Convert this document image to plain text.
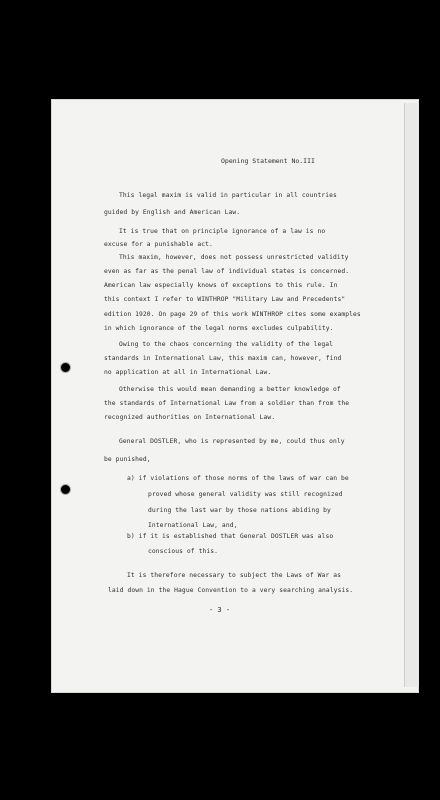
Opening Statement No.III
This legal maxim is valid in particular in all countries
guided by English and American Law.
It is true that on principle ignorance of a law is no
excuse for a punishable act.
This maxim, however, does not possess unrestricted validity
even as far as the penal law of individual states is concerned.
American law especially knows of exceptions to this rule. In
this context I refer to WINTHROP "Military Law and Precedents"
edition 1920. On page 29 of this work WINTHROP cites some examples
in which ignorance of the legal norms excludes culpability.
Owing to the chaos concerning the validity of the legal
standards in International Law, this maxim can, however, find
no application at all in International Law.
Otherwise this would mean demanding a better knowledge of
the standards of International Law from a soldier than from the
recognized authorities on International Law.
General DOSTLER, who is represented by me, could thus only
be punished,
a) if violations of those norms of the laws of war can be
proved whose general validity was still recognized
during the last war by those nations abiding by
International Law, and,
b) if it is established that General DOSTLER was also
conscious of this.
It is therefore necessary to subject the Laws of War as
laid down in the Hague Convention to a very searching analysis.
- 3 -
